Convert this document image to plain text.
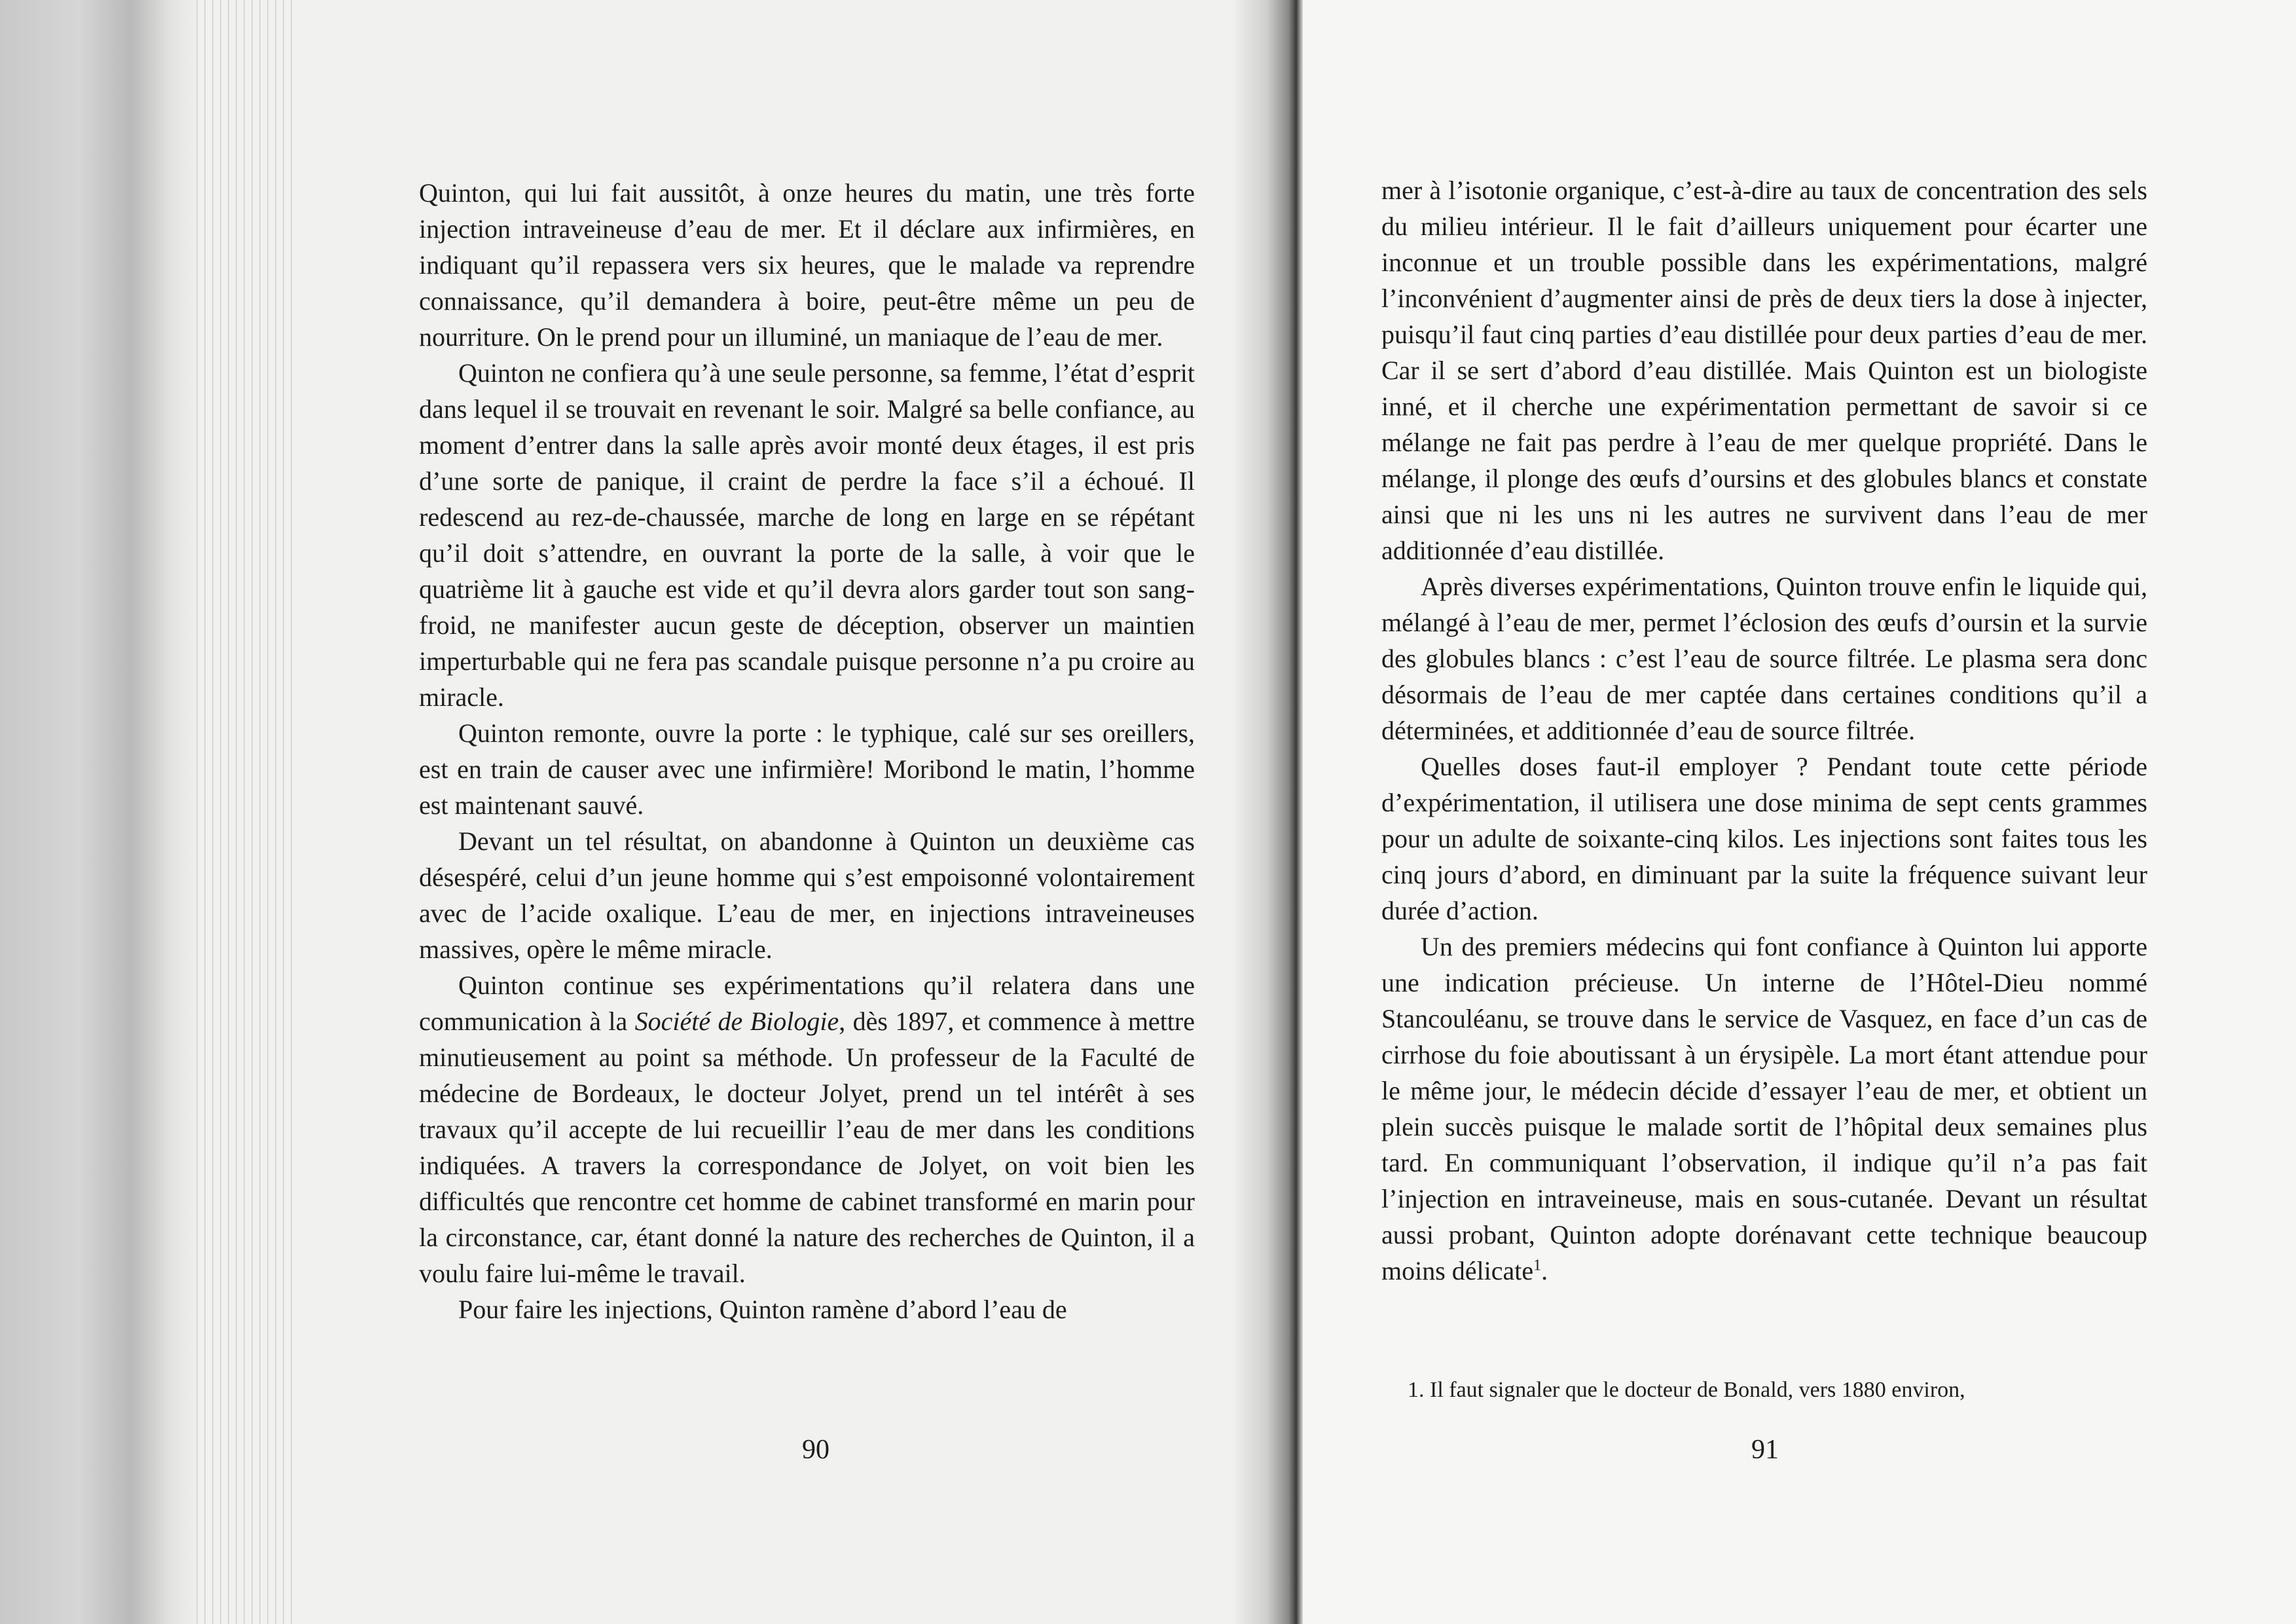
Quinton, qui lui fait aussitôt, à onze heures du matin, une très forte injection intraveineuse d’eau de mer. Et il déclare aux infirmières, en indiquant qu’il repassera vers six heures, que le malade va reprendre connaissance, qu’il demandera à boire, peut-être même un peu de nourriture. On le prend pour un illuminé, un maniaque de l’eau de mer.

Quinton ne confiera qu’à une seule personne, sa femme, l’état d’esprit dans lequel il se trouvait en revenant le soir. Malgré sa belle confiance, au moment d’entrer dans la salle après avoir monté deux étages, il est pris d’une sorte de panique, il craint de perdre la face s’il a échoué. Il redescend au rez-de-chaussée, marche de long en large en se répétant qu’il doit s’attendre, en ouvrant la porte de la salle, à voir que le quatrième lit à gauche est vide et qu’il devra alors garder tout son sang-froid, ne manifester aucun geste de déception, observer un maintien imperturbable qui ne fera pas scandale puisque personne n’a pu croire au miracle.

Quinton remonte, ouvre la porte : le typhique, calé sur ses oreillers, est en train de causer avec une infirmière! Moribond le matin, l’homme est maintenant sauvé.

Devant un tel résultat, on abandonne à Quinton un deuxième cas désespéré, celui d’un jeune homme qui s’est empoisonné volontairement avec de l’acide oxalique. L’eau de mer, en injections intraveineuses massives, opère le même miracle.

Quinton continue ses expérimentations qu’il relatera dans une communication à la Société de Biologie, dès 1897, et commence à mettre minutieusement au point sa méthode. Un professeur de la Faculté de médecine de Bordeaux, le docteur Jolyet, prend un tel intérêt à ses travaux qu’il accepte de lui recueillir l’eau de mer dans les conditions indiquées. A travers la correspondance de Jolyet, on voit bien les difficultés que rencontre cet homme de cabinet transformé en marin pour la circonstance, car, étant donné la nature des recherches de Quinton, il a voulu faire lui-même le travail.

Pour faire les injections, Quinton ramène d’abord l’eau de

90

mer à l’isotonie organique, c’est-à-dire au taux de concentration des sels du milieu intérieur. Il le fait d’ailleurs uniquement pour écarter une inconnue et un trouble possible dans les expérimentations, malgré l’inconvénient d’augmenter ainsi de près de deux tiers la dose à injecter, puisqu’il faut cinq parties d’eau distillée pour deux parties d’eau de mer. Car il se sert d’abord d’eau distillée. Mais Quinton est un biologiste inné, et il cherche une expérimentation permettant de savoir si ce mélange ne fait pas perdre à l’eau de mer quelque propriété. Dans le mélange, il plonge des œufs d’oursins et des globules blancs et constate ainsi que ni les uns ni les autres ne survivent dans l’eau de mer additionnée d’eau distillée.

Après diverses expérimentations, Quinton trouve enfin le liquide qui, mélangé à l’eau de mer, permet l’éclosion des œufs d’oursin et la survie des globules blancs : c’est l’eau de source filtrée. Le plasma sera donc désormais de l’eau de mer captée dans certaines conditions qu’il a déterminées, et additionnée d’eau de source filtrée.

Quelles doses faut-il employer ? Pendant toute cette période d’expérimentation, il utilisera une dose minima de sept cents grammes pour un adulte de soixante-cinq kilos. Les injections sont faites tous les cinq jours d’abord, en diminuant par la suite la fréquence suivant leur durée d’action.

Un des premiers médecins qui font confiance à Quinton lui apporte une indication précieuse. Un interne de l’Hôtel-Dieu nommé Stancouléanu, se trouve dans le service de Vasquez, en face d’un cas de cirrhose du foie aboutissant à un érysipèle. La mort étant attendue pour le même jour, le médecin décide d’essayer l’eau de mer, et obtient un plein succès puisque le malade sortit de l’hôpital deux semaines plus tard. En communiquant l’observation, il indique qu’il n’a pas fait l’injection en intraveineuse, mais en sous-cutanée. Devant un résultat aussi probant, Quinton adopte dorénavant cette technique beaucoup moins délicate$^1$.

1. Il faut signaler que le docteur de Bonald, vers 1880 environ,
91
